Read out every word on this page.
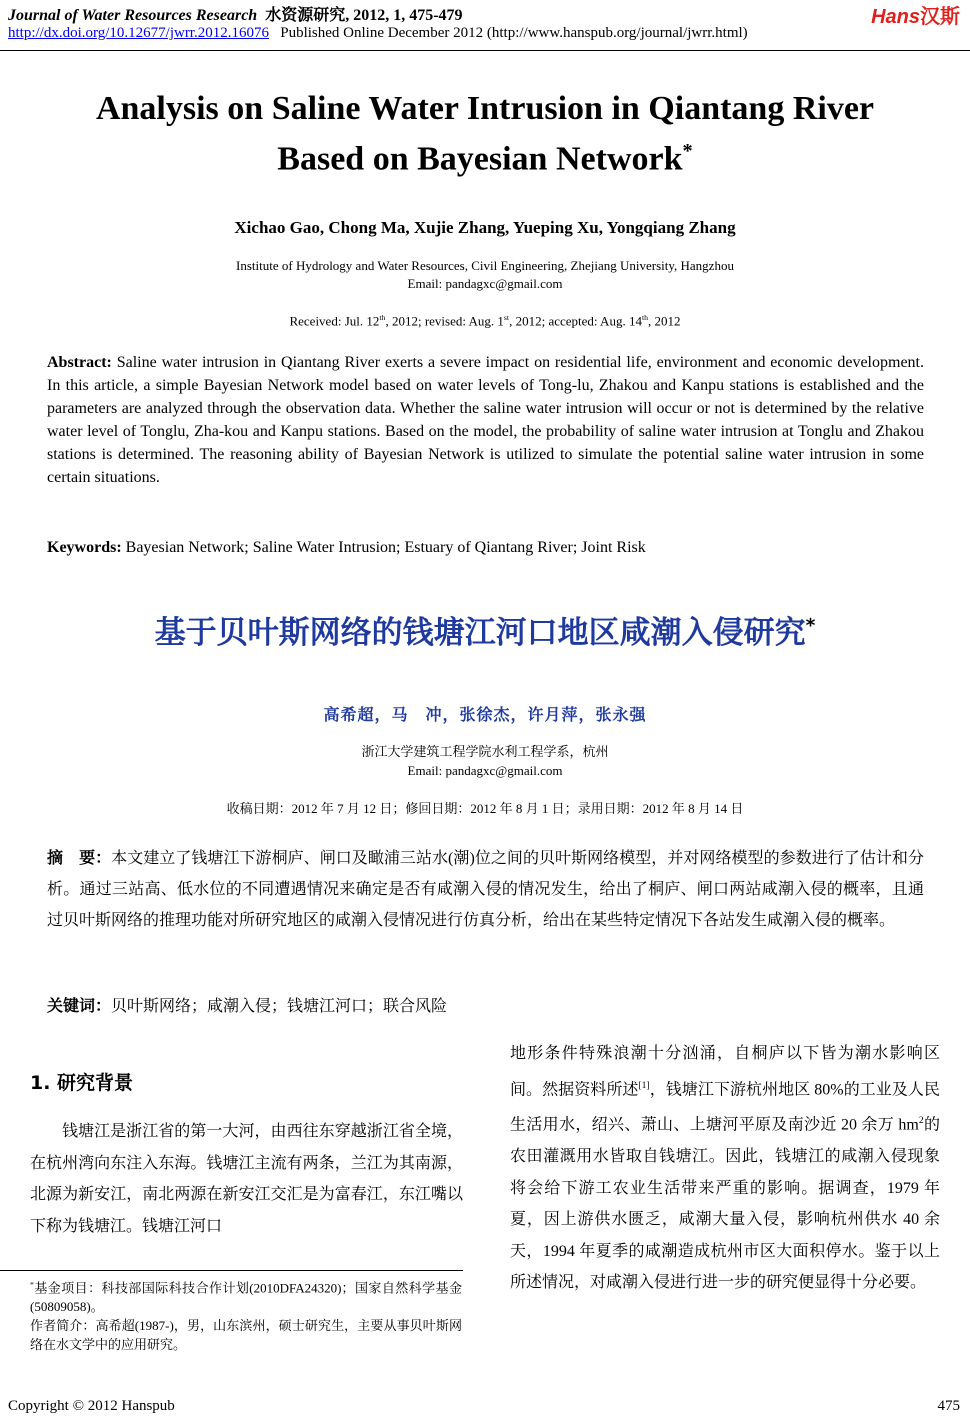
Journal of Water Resources Research 水资源研究, 2012, 1, 475-479
http://dx.doi.org/10.12677/jwrr.2012.16076 Published Online December 2012 (http://www.hanspub.org/journal/jwrr.html)
Hans汉斯
Analysis on Saline Water Intrusion in Qiantang River
Based on Bayesian Network*
Xichao Gao, Chong Ma, Xujie Zhang, Yueping Xu, Yongqiang Zhang
Institute of Hydrology and Water Resources, Civil Engineering, Zhejiang University, Hangzhou
Email: pandagxc@gmail.com
Received: Jul. 12th, 2012; revised: Aug. 1st, 2012; accepted: Aug. 14th, 2012
Abstract: Saline water intrusion in Qiantang River exerts a severe impact on residential life, environment and economic development. In this article, a simple Bayesian Network model based on water levels of Tong-lu, Zhakou and Kanpu stations is established and the parameters are analyzed through the observation data. Whether the saline water intrusion will occur or not is determined by the relative water level of Tonglu, Zha-kou and Kanpu stations. Based on the model, the probability of saline water intrusion at Tonglu and Zhakou stations is determined. The reasoning ability of Bayesian Network is utilized to simulate the potential saline water intrusion in some certain situations.
Keywords: Bayesian Network; Saline Water Intrusion; Estuary of Qiantang River; Joint Risk
基于贝叶斯网络的钱塘江河口地区咸潮入侵研究*
高希超，马　冲，张徐杰，许月萍，张永强
浙江大学建筑工程学院水利工程学系，杭州
Email: pandagxc@gmail.com
收稿日期：2012 年 7 月 12 日；修回日期：2012 年 8 月 1 日；录用日期：2012 年 8 月 14 日
摘　要：本文建立了钱塘江下游桐庐、闸口及瞰浦三站水(潮)位之间的贝叶斯网络模型，并对网络模型的参数进行了估计和分析。通过三站高、低水位的不同遭遇情况来确定是否有咸潮入侵的情况发生，给出了桐庐、闸口两站咸潮入侵的概率，且通过贝叶斯网络的推理功能对所研究地区的咸潮入侵情况进行仿真分析，给出在某些特定情况下各站发生咸潮入侵的概率。
关键词：贝叶斯网络；咸潮入侵；钱塘江河口；联合风险
1. 研究背景
钱塘江是浙江省的第一大河，由西往东穿越浙江省全境，在杭州湾向东注入东海。钱塘江主流有两条，兰江为其南源，北源为新安江，南北两源在新安江交汇是为富春江，东江嘴以下称为钱塘江。钱塘江河口
地形条件特殊浪潮十分汹涌，自桐庐以下皆为潮水影响区间。然据资料所述[1]，钱塘江下游杭州地区 80%的工业及人民生活用水，绍兴、萧山、上塘河平原及南沙近 20 余万 $hm^2$的农田灌溉用水皆取自钱塘江。因此，钱塘江的咸潮入侵现象将会给下游工农业生活带来严重的影响。据调查，1979 年夏，因上游供水匮乏，咸潮大量入侵，影响杭州供水 40 余天，1994 年夏季的咸潮造成杭州市区大面积停水。鉴于以上所述情况，对咸潮入侵进行进一步的研究便显得十分必要。
*基金项目：科技部国际科技合作计划(2010DFA24320)；国家自然科学基金(50809058)。
作者简介：高希超(1987-)，男，山东滨州，硕士研究生，主要从事贝叶斯网络在水文学中的应用研究。
Copyright © 2012 Hanspub	475
